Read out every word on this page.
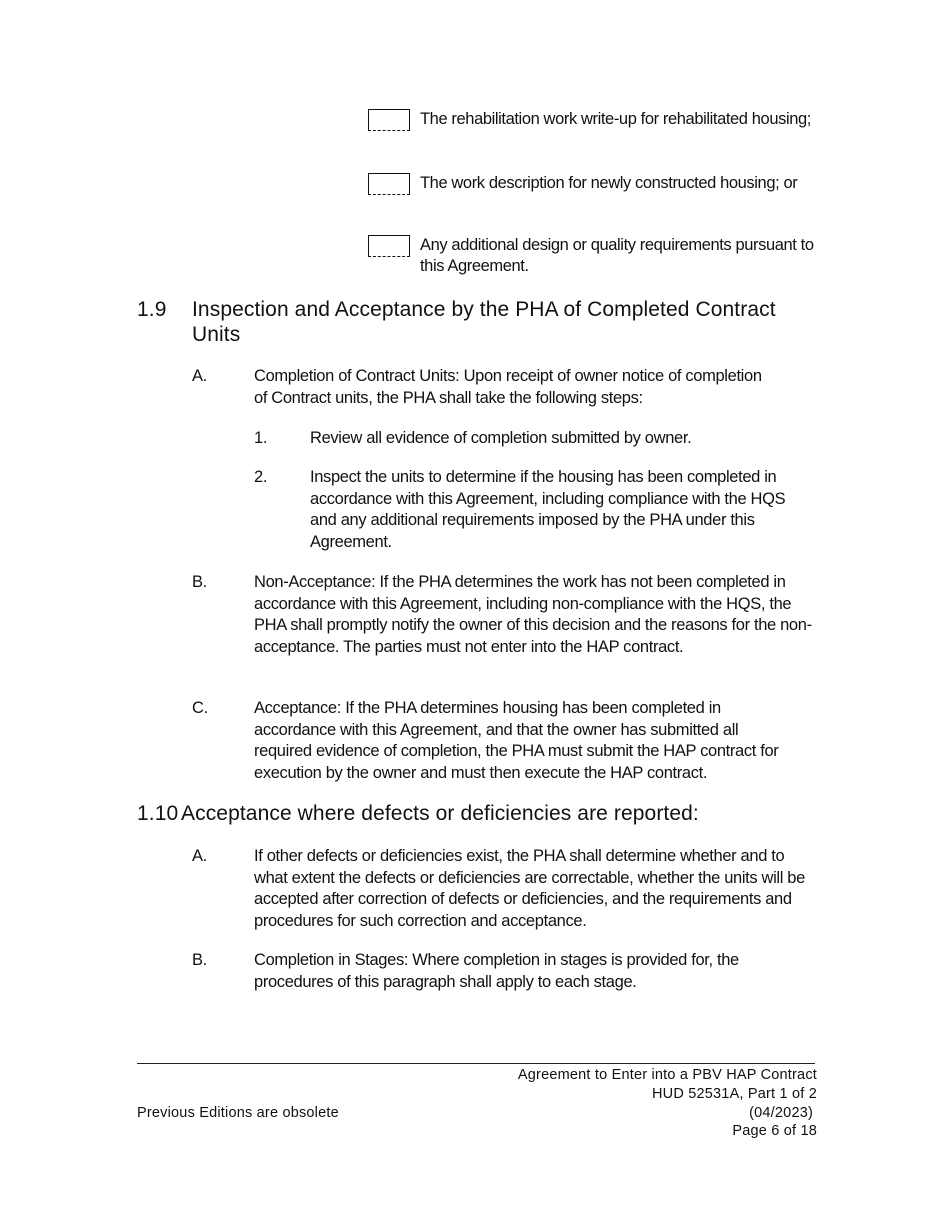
The rehabilitation work write-up for rehabilitated housing;
The work description for newly constructed housing; or
Any additional design or quality requirements pursuant to this Agreement.
1.9 Inspection and Acceptance by the PHA of Completed Contract Units
A.	Completion of Contract Units: Upon receipt of owner notice of completion of Contract units, the PHA shall take the following steps:
1.	Review all evidence of completion submitted by owner.
2.	Inspect the units to determine if the housing has been completed in accordance with this Agreement, including compliance with the HQS and any additional requirements imposed by the PHA under this Agreement.
B.	Non-Acceptance: If the PHA determines the work has not been completed in accordance with this Agreement, including non-compliance with the HQS, the PHA shall promptly notify the owner of this decision and the reasons for the non-acceptance. The parties must not enter into the HAP contract.
C.	Acceptance: If the PHA determines housing has been completed in accordance with this Agreement, and that the owner has submitted all required evidence of completion, the PHA must submit the HAP contract for execution by the owner and must then execute the HAP contract.
1.10 Acceptance where defects or deficiencies are reported:
A.	If other defects or deficiencies exist, the PHA shall determine whether and to what extent the defects or deficiencies are correctable, whether the units will be accepted after correction of defects or deficiencies, and the requirements and procedures for such correction and acceptance.
B.	Completion in Stages: Where completion in stages is provided for, the procedures of this paragraph shall apply to each stage.
Agreement to Enter into a PBV HAP Contract
HUD 52531A, Part 1 of 2
Previous Editions are obsolete	(04/2023)
Page 6 of 18
